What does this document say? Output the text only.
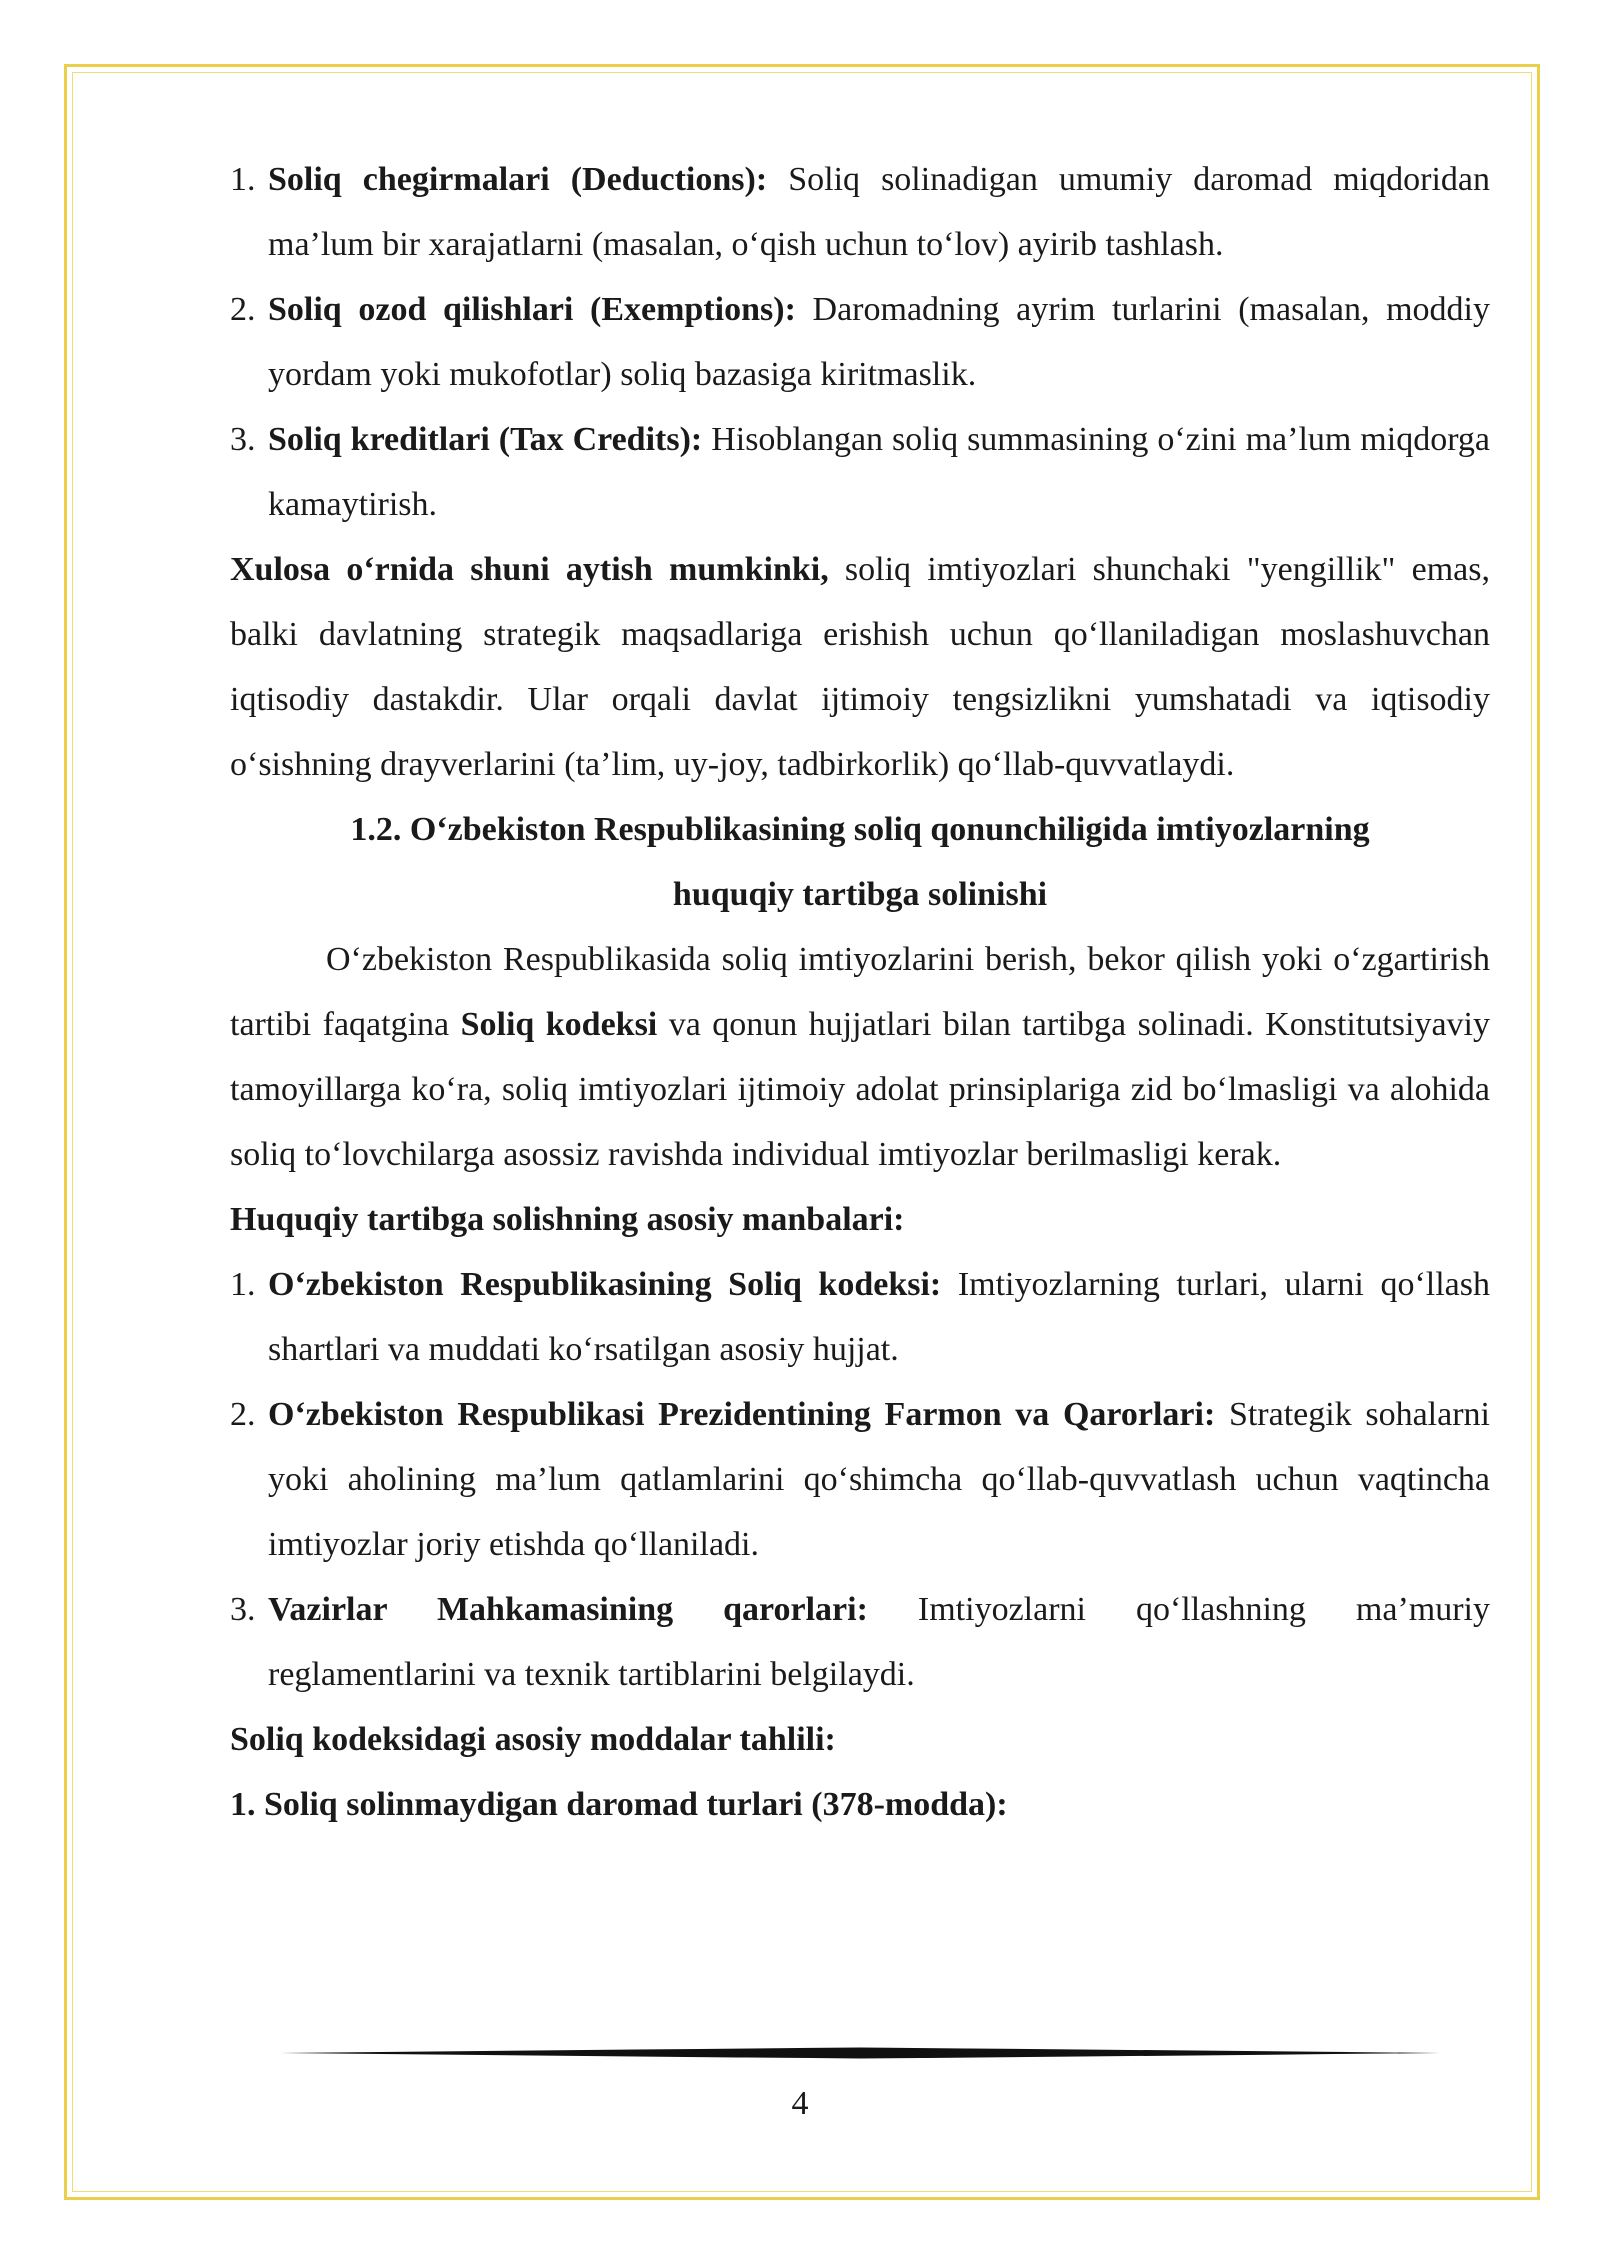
1. Soliq chegirmalari (Deductions): Soliq solinadigan umumiy daromad miqdoridan ma’lum bir xarajatlarni (masalan, o‘qish uchun to‘lov) ayirib tashlash.
2. Soliq ozod qilishlari (Exemptions): Daromadning ayrim turlarini (masalan, moddiy yordam yoki mukofotlar) soliq bazasiga kiritmaslik.
3. Soliq kreditlari (Tax Credits): Hisoblangan soliq summasining o‘zini ma’lum miqdorga kamaytirish.

Xulosa o‘rnida shuni aytish mumkinki, soliq imtiyozlari shunchaki "yengillik" emas, balki davlatning strategik maqsadlariga erishish uchun qo‘llaniladigan moslashuvchan iqtisodiy dastakdir. Ular orqali davlat ijtimoiy tengsizlikni yumshatadi va iqtisodiy o‘sishning drayverlarini (ta’lim, uy-joy, tadbirkorlik) qo‘llab-quvvatlaydi.

1.2. O‘zbekiston Respublikasining soliq qonunchiligida imtiyozlarning
huquqiy tartibga solinishi

O‘zbekiston Respublikasida soliq imtiyozlarini berish, bekor qilish yoki o‘zgartirish tartibi faqatgina Soliq kodeksi va qonun hujjatlari bilan tartibga solinadi. Konstitutsiyaviy tamoyillarga ko‘ra, soliq imtiyozlari ijtimoiy adolat prinsiplariga zid bo‘lmasligi va alohida soliq to‘lovchilarga asossiz ravishda individual imtiyozlar berilmasligi kerak.

Huquqiy tartibga solishning asosiy manbalari:

1. O‘zbekiston Respublikasining Soliq kodeksi: Imtiyozlarning turlari, ularni qo‘llash shartlari va muddati ko‘rsatilgan asosiy hujjat.
2. O‘zbekiston Respublikasi Prezidentining Farmon va Qarorlari: Strategik sohalarni yoki aholining ma’lum qatlamlarini qo‘shimcha qo‘llab-quvvatlash uchun vaqtincha imtiyozlar joriy etishda qo‘llaniladi.
3. Vazirlar Mahkamasining qarorlari: Imtiyozlarni qo‘llashning ma’muriy reglamentlarini va texnik tartiblarini belgilaydi.

Soliq kodeksidagi asosiy moddalar tahlili:

1. Soliq solinmaydigan daromad turlari (378-modda):

4
